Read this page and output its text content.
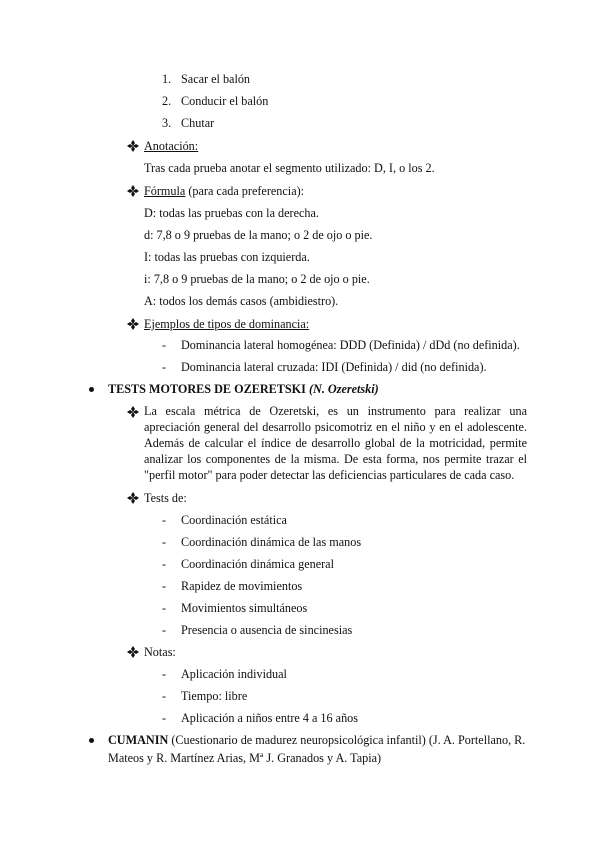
1. Sacar el balón
2. Conducir el balón
3. Chutar
Anotación:
Tras cada prueba anotar el segmento utilizado: D, I, o los 2.
Fórmula (para cada preferencia):
D: todas las pruebas con la derecha.
d: 7,8 o 9 pruebas de la mano; o 2 de ojo o pie.
I: todas las pruebas con izquierda.
i: 7,8 o 9 pruebas de la mano; o 2 de ojo o pie.
A: todos los demás casos (ambidiestro).
Ejemplos de tipos de dominancia:
- Dominancia lateral homogénea: DDD (Definida) / dDd (no definida).
- Dominancia lateral cruzada: IDI (Definida) / did (no definida).
TESTS MOTORES DE OZERETSKI (N. Ozeretski)
La escala métrica de Ozeretski, es un instrumento para realizar una
apreciación general del desarrollo psicomotriz en el niño y en el adolescente.
Además de calcular el índice de desarrollo global de la motricidad, permite
analizar los componentes de la misma. De esta forma, nos permite trazar el
"perfil motor" para poder detectar las deficiencias particulares de cada caso.
Tests de:
- Coordinación estática
- Coordinación dinámica de las manos
- Coordinación dinámica general
- Rapidez de movimientos
- Movimientos simultáneos
- Presencia o ausencia de sincinesias
Notas:
- Aplicación individual
- Tiempo: libre
- Aplicación a niños entre 4 a 16 años
CUMANIN (Cuestionario de madurez neuropsicológica infantil) (J. A. Portellano, R.
Mateos y R. Martínez Arias, Mª J. Granados y A. Tapia)
